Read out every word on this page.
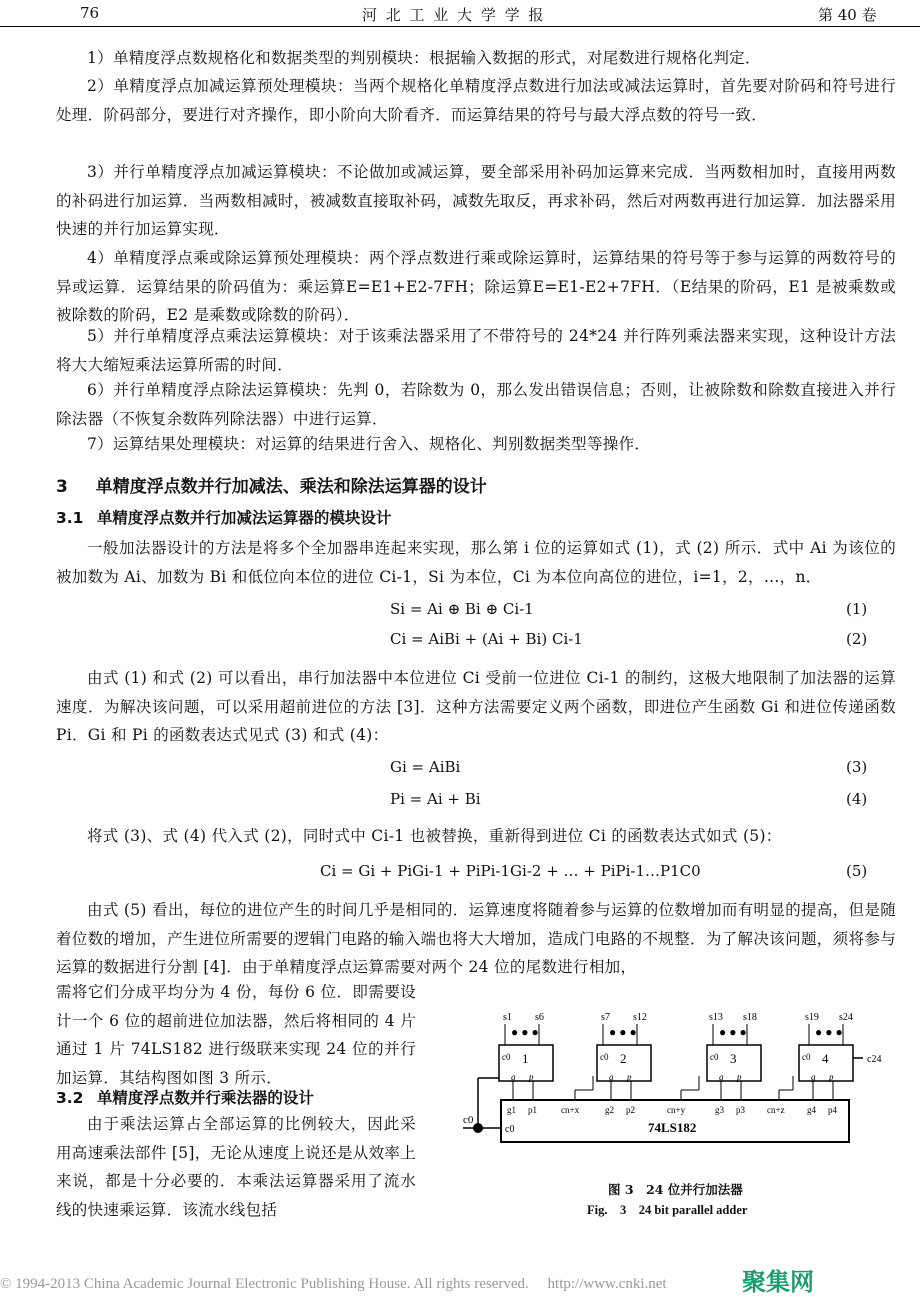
76	河 北 工 业 大 学 学 报	第 40 卷
1）单精度浮点数规格化和数据类型的判别模块：根据输入数据的形式，对尾数进行规格化判定．
2）单精度浮点加减运算预处理模块：当两个规格化单精度浮点数进行加法或减法运算时，首先要对阶码和符号进行处理．阶码部分，要进行对齐操作，即小阶向大阶看齐．而运算结果的符号与最大浮点数的符号一致．
3）并行单精度浮点加减运算模块：不论做加或减运算，要全部采用补码加运算来完成．当两数相加时，直接用两数的补码进行加运算．当两数相减时，被减数直接取补码，减数先取反，再求补码，然后对两数再进行加运算．加法器采用快速的并行加运算实现．
4）单精度浮点乘或除运算预处理模块：两个浮点数进行乘或除运算时，运算结果的符号等于参与运算的两数符号的异或运算．运算结果的阶码值为：乘运算E=E1+E2-7FH；除运算E=E1-E2+7FH．（E结果的阶码，E1 是被乘数或被除数的阶码，E2 是乘数或除数的阶码）．
5）并行单精度浮点乘法运算模块：对于该乘法器采用了不带符号的 24*24 并行阵列乘法器来实现，这种设计方法将大大缩短乘法运算所需的时间．
6）并行单精度浮点除法运算模块：先判 0，若除数为 0，那么发出错误信息；否则，让被除数和除数直接进入并行除法器（不恢复余数阵列除法器）中进行运算．
7）运算结果处理模块：对运算的结果进行舍入、规格化、判别数据类型等操作．
3 单精度浮点数并行加减法、乘法和除法运算器的设计
3.1 单精度浮点数并行加减法运算器的模块设计
一般加法器设计的方法是将多个全加器串连起来实现，那么第 i 位的运算如式 (1)，式 (2) 所示．式中 Ai 为该位的被加数为 Ai、加数为 Bi 和低位向本位的进位 Ci-1，Si 为本位，Ci 为本位向高位的进位，i=1，2，…，n．
Si = Ai ⊕ Bi ⊕ Ci-1	(1)
Ci = AiBi + (Ai + Bi) Ci-1	(2)
由式 (1) 和式 (2) 可以看出，串行加法器中本位进位 Ci 受前一位进位 Ci-1 的制约，这极大地限制了加法器的运算速度．为解决该问题，可以采用超前进位的方法 [3]．这种方法需要定义两个函数，即进位产生函数 Gi 和进位传递函数 Pi．Gi 和 Pi 的函数表达式见式 (3) 和式 (4)：
Gi = AiBi	(3)
Pi = Ai + Bi	(4)
将式 (3)、式 (4) 代入式 (2)，同时式中 Ci-1 也被替换，重新得到进位 Ci 的函数表达式如式 (5)：
Ci = Gi + PiGi-1 + PiPi-1Gi-2 + … + PiPi-1…P1C0	(5)
由式 (5) 看出，每位的进位产生的时间几乎是相同的．运算速度将随着参与运算的位数增加而有明显的提高，但是随着位数的增加，产生进位所需要的逻辑门电路的输入端也将大大增加，造成门电路的不规整．为了解决该问题，须将参与运算的数据进行分割 [4]．由于单精度浮点运算需要对两个 24 位的尾数进行相加，
需将它们分成平均分为 4 份，每份 6 位．即需要设计一个 6 位的超前进位加法器，然后将相同的 4 片通过 1 片 74LS182 进行级联来实现 24 位的并行加运算．其结构图如图 3 所示．
3.2 单精度浮点数并行乘法器的设计
由于乘法运算占全部运算的比例较大，因此采用高速乘法部件 [5]，无论从速度上说还是从效率上来说，都是十分必要的．本乘法运算器采用了流水线的快速乘运算．该流水线包括
74LS182
c0
c0
c24
s1 s6
● ● ●
c0 1
g p
s7 s12
● ● ●
c0 2
g p
s13 s18
● ● ●
c0 3
g p
s19 s24
● ● ●
c0 4
g p
g1 p1	cn+x	g2 p2	cn+y	g3 p3 cn+z g4 p4
图 3　24 位并行加法器
Fig.　3　24 bit parallel adder
© 1994-2013 China Academic Journal Electronic Publishing House. All rights reserved.　 http://www.cnki.net	聚集网
